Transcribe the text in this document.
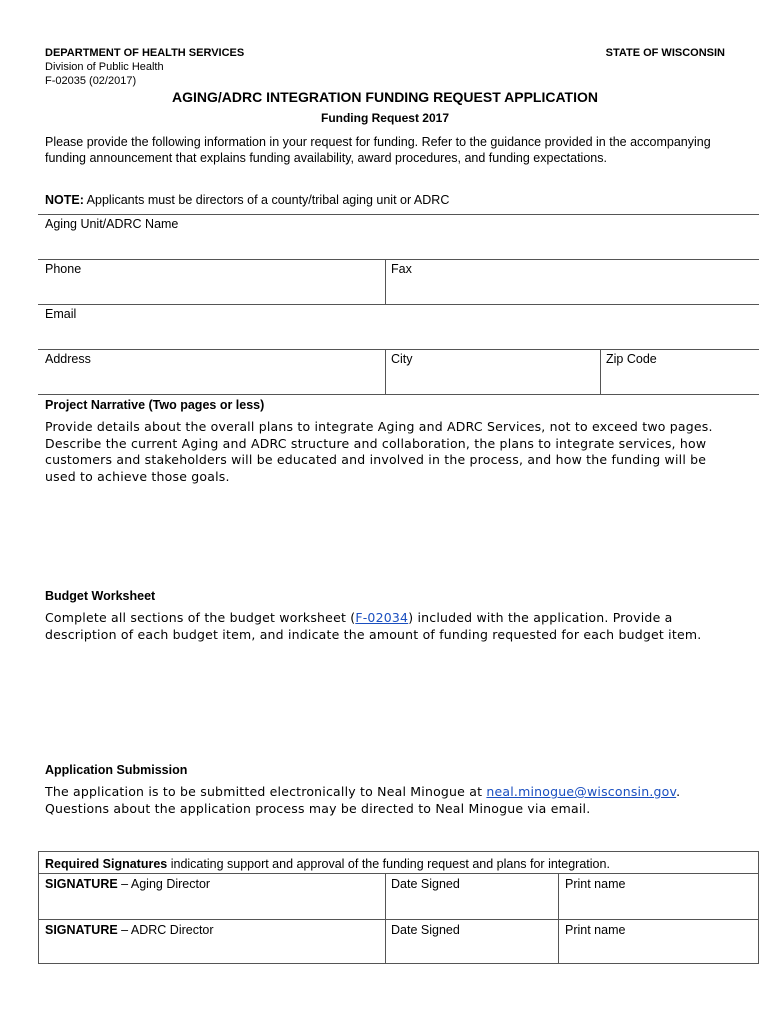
DEPARTMENT OF HEALTH SERVICES
Division of Public Health
F-02035 (02/2017)
STATE OF WISCONSIN
AGING/ADRC INTEGRATION FUNDING REQUEST APPLICATION
Funding Request 2017
Please provide the following information in your request for funding. Refer to the guidance provided in the accompanying funding announcement that explains funding availability, award procedures, and funding expectations.
NOTE: Applicants must be directors of a county/tribal aging unit or ADRC
Aging Unit/ADRC Name
Phone	Fax
Email
Address	City	Zip Code
Project Narrative (Two pages or less)
Provide details about the overall plans to integrate Aging and ADRC Services, not to exceed two pages. Describe the current Aging and ADRC structure and collaboration, the plans to integrate services, how customers and stakeholders will be educated and involved in the process, and how the funding will be used to achieve those goals.
Budget Worksheet
Complete all sections of the budget worksheet (F-02034) included with the application. Provide a description of each budget item, and indicate the amount of funding requested for each budget item.
Application Submission
The application is to be submitted electronically to Neal Minogue at neal.minogue@wisconsin.gov. Questions about the application process may be directed to Neal Minogue via email.
Required Signatures indicating support and approval of the funding request and plans for integration.
SIGNATURE – Aging Director	Date Signed	Print name
SIGNATURE – ADRC Director	Date Signed	Print name
